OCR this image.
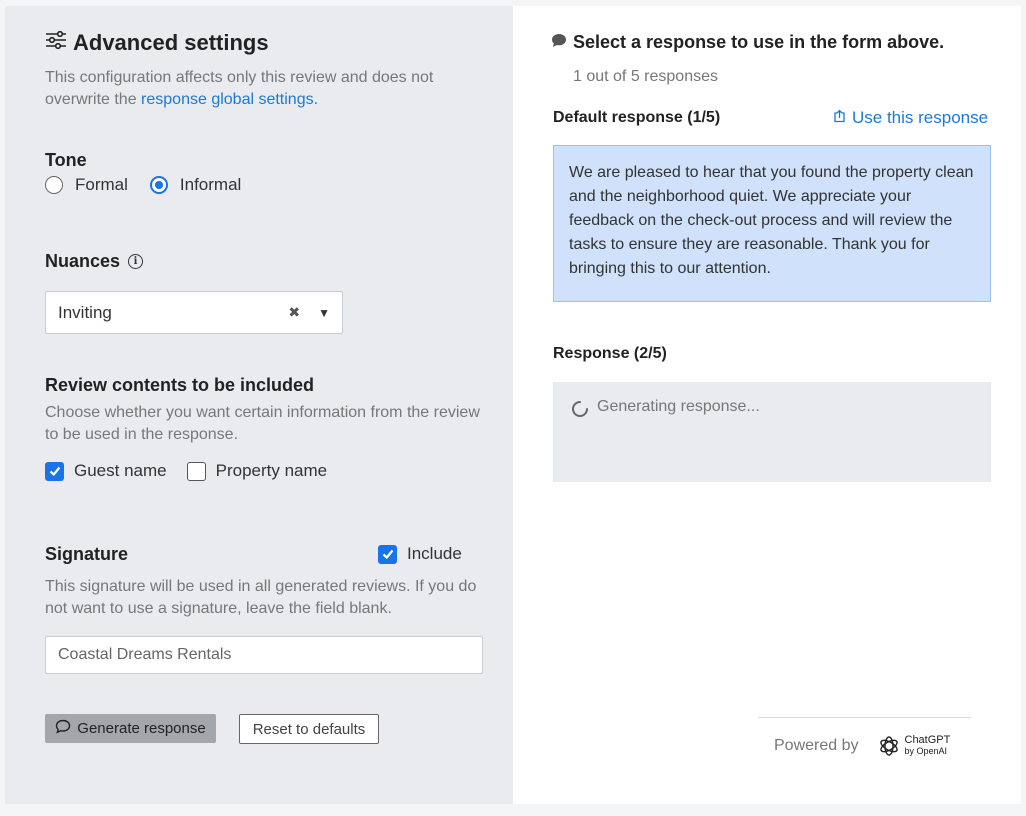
Advanced settings
This configuration affects only this review and does not overwrite the response global settings.
Tone
Formal	Informal
Nuances	i
Inviting	✖ ▼
Review contents to be included
Choose whether you want certain information from the review to be used in the response.
Guest name	Property name
Signature	Include
This signature will be used in all generated reviews. If you do not want to use a signature, leave the field blank.
Coastal Dreams Rentals
Generate response	Reset to defaults
Select a response to use in the form above.
1 out of 5 responses
Default response (1/5)	Use this response
We are pleased to hear that you found the property clean and the neighborhood quiet. We appreciate your feedback on the check-out process and will review the tasks to ensure they are reasonable. Thank you for bringing this to our attention.
Response (2/5)
Generating response...
Powered by	ChatGPT
by OpenAI
